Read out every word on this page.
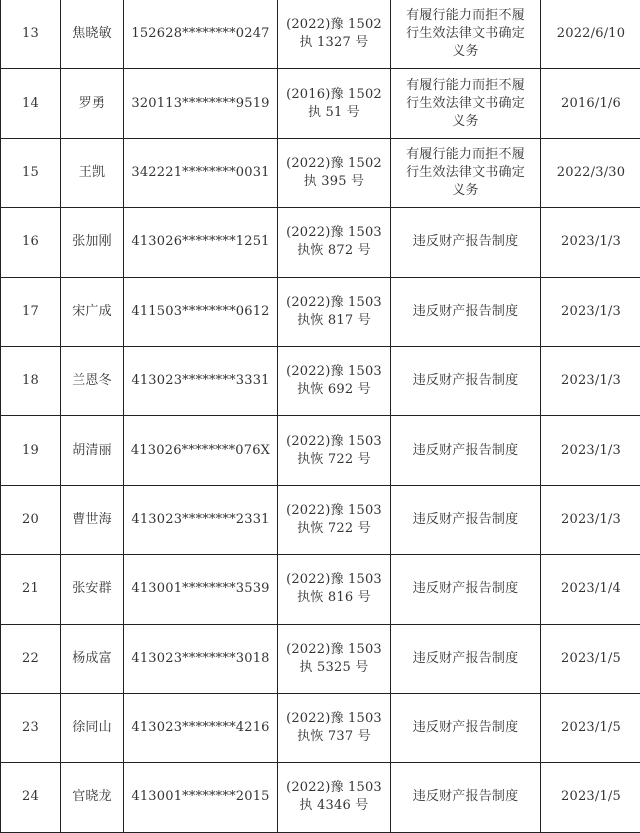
13	焦晓敏	152628********0247	(2022)豫 1502 执 1327 号	有履行能力而拒不履行生效法律文书确定义务	2022/6/10
14	罗勇	320113********9519	(2016)豫 1502 执 51 号	有履行能力而拒不履行生效法律文书确定义务	2016/1/6
15	王凯	342221********0031	(2022)豫 1502 执 395 号	有履行能力而拒不履行生效法律文书确定义务	2022/3/30
16	张加刚	413026********1251	(2022)豫 1503 执恢 872 号	违反财产报告制度	2023/1/3
17	宋广成	411503********0612	(2022)豫 1503 执恢 817 号	违反财产报告制度	2023/1/3
18	兰恩冬	413023********3331	(2022)豫 1503 执恢 692 号	违反财产报告制度	2023/1/3
19	胡清丽	413026********076X	(2022)豫 1503 执恢 722 号	违反财产报告制度	2023/1/3
20	曹世海	413023********2331	(2022)豫 1503 执恢 722 号	违反财产报告制度	2023/1/3
21	张安群	413001********3539	(2022)豫 1503 执恢 816 号	违反财产报告制度	2023/1/4
22	杨成富	413023********3018	(2022)豫 1503 执 5325 号	违反财产报告制度	2023/1/5
23	徐同山	413023********4216	(2022)豫 1503 执恢 737 号	违反财产报告制度	2023/1/5
24	官晓龙	413001********2015	(2022)豫 1503 执 4346 号	违反财产报告制度	2023/1/5
